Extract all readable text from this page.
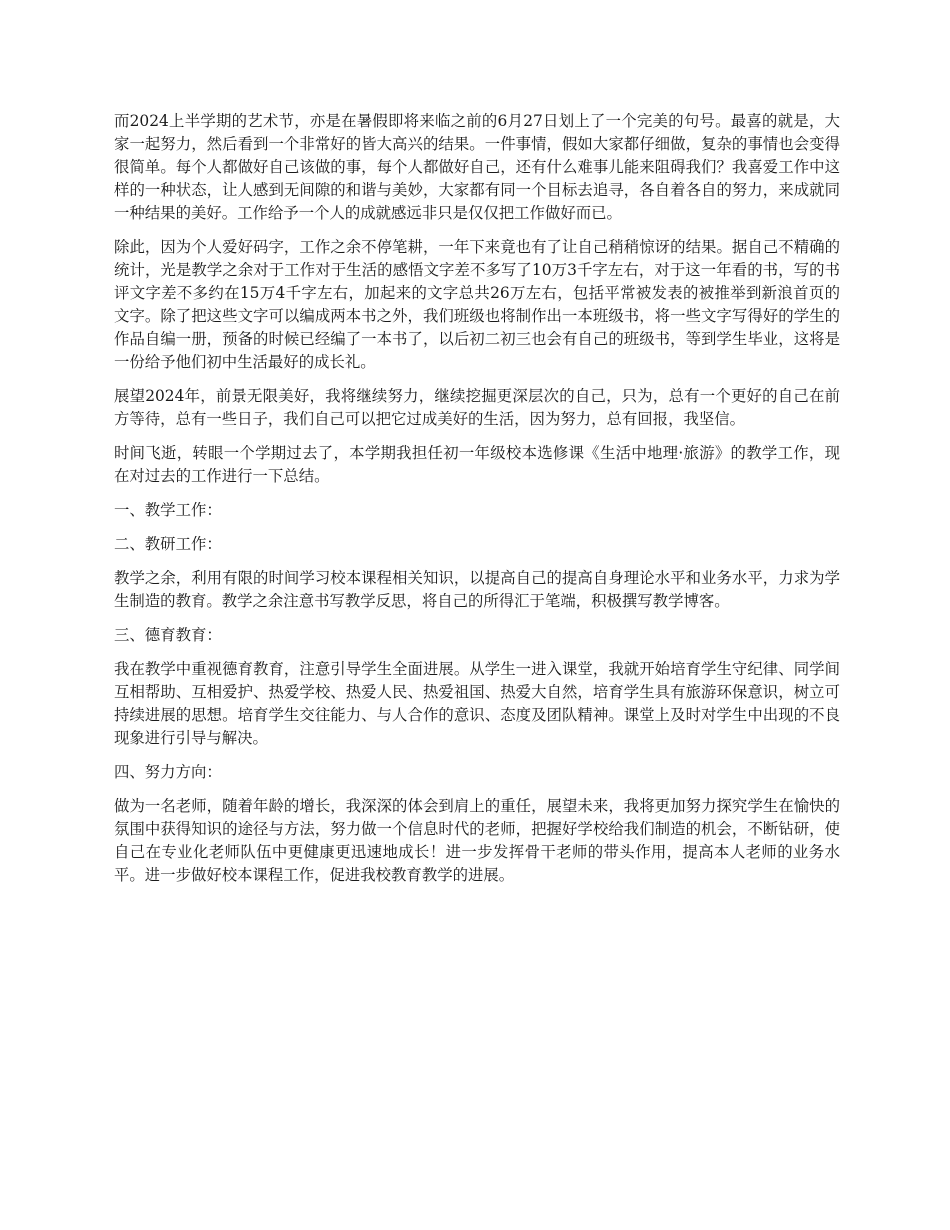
而2024上半学期的艺术节，亦是在暑假即将来临之前的6月27日划上了一个完美的句号。最喜的就是，大家一起努力，然后看到一个非常好的皆大高兴的结果。一件事情，假如大家都仔细做，复杂的事情也会变得很简单。每个人都做好自己该做的事，每个人都做好自己，还有什么难事儿能来阻碍我们？我喜爱工作中这样的一种状态，让人感到无间隙的和谐与美妙，大家都有同一个目标去追寻，各自着各自的努力，来成就同一种结果的美好。工作给予一个人的成就感远非只是仅仅把工作做好而已。

除此，因为个人爱好码字，工作之余不停笔耕，一年下来竟也有了让自己稍稍惊讶的结果。据自己不精确的统计，光是教学之余对于工作对于生活的感悟文字差不多写了10万3千字左右，对于这一年看的书，写的书评文字差不多约在15万4千字左右，加起来的文字总共26万左右，包括平常被发表的被推举到新浪首页的文字。除了把这些文字可以编成两本书之外，我们班级也将制作出一本班级书，将一些文字写得好的学生的作品自编一册，预备的时候已经编了一本书了，以后初二初三也会有自己的班级书，等到学生毕业，这将是一份给予他们初中生活最好的成长礼。

展望2024年，前景无限美好，我将继续努力，继续挖掘更深层次的自己，只为，总有一个更好的自己在前方等待，总有一些日子，我们自己可以把它过成美好的生活，因为努力，总有回报，我坚信。

时间飞逝，转眼一个学期过去了，本学期我担任初一年级校本选修课《生活中地理·旅游》的教学工作，现在对过去的工作进行一下总结。

一、教学工作：

二、教研工作：

教学之余，利用有限的时间学习校本课程相关知识，以提高自己的提高自身理论水平和业务水平，力求为学生制造的教育。教学之余注意书写教学反思，将自己的所得汇于笔端，积极撰写教学博客。

三、德育教育：

我在教学中重视德育教育，注意引导学生全面进展。从学生一进入课堂，我就开始培育学生守纪律、同学间互相帮助、互相爱护、热爱学校、热爱人民、热爱祖国、热爱大自然，培育学生具有旅游环保意识，树立可持续进展的思想。培育学生交往能力、与人合作的意识、态度及团队精神。课堂上及时对学生中出现的不良现象进行引导与解决。

四、努力方向：

做为一名老师，随着年龄的增长，我深深的体会到肩上的重任，展望未来，我将更加努力探究学生在愉快的氛围中获得知识的途径与方法，努力做一个信息时代的老师，把握好学校给我们制造的机会，不断钻研，使自己在专业化老师队伍中更健康更迅速地成长！进一步发挥骨干老师的带头作用，提高本人老师的业务水平。进一步做好校本课程工作，促进我校教育教学的进展。
